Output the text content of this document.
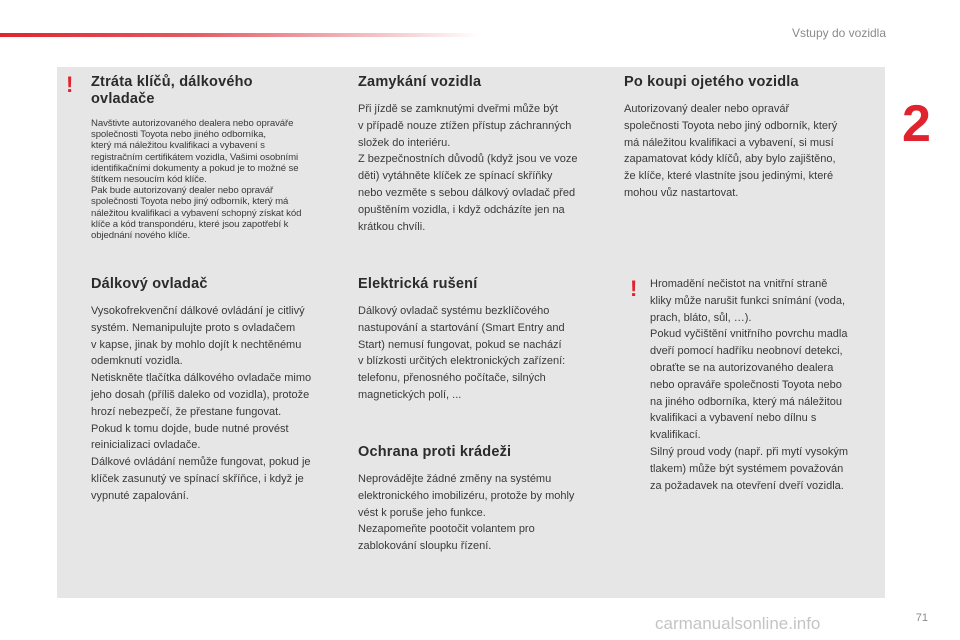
Vstupy do vozidla
2
! Ztráta klíčů, dálkového
ovladače

Navštivte autorizovaného dealera nebo opraváře
společnosti Toyota nebo jiného odborníka,
který má náležitou kvalifikaci a vybavení s
registračním certifikátem vozidla, Vašimi osobními
identifikačními dokumenty a pokud je to možné se
štítkem nesoucím kód klíče.
Pak bude autorizovaný dealer nebo opravář
společnosti Toyota nebo jiný odborník, který má
náležitou kvalifikaci a vybavení schopný získat kód
klíče a kód transpondéru, které jsou zapotřebí k
objednání nového klíče.

Dálkový ovladač

Vysokofrekvenční dálkové ovládání je citlivý
systém. Nemanipulujte proto s ovladačem
v kapse, jinak by mohlo dojít k nechtěnému
odemknutí vozidla.
Netiskněte tlačítka dálkového ovladače mimo
jeho dosah (příliš daleko od vozidla), protože
hrozí nebezpečí, že přestane fungovat.
Pokud k tomu dojde, bude nutné provést
reinicializaci ovladače.
Dálkové ovládání nemůže fungovat, pokud je
klíček zasunutý ve spínací skříňce, i když je
vypnuté zapalování.

Zamykání vozidla

Při jízdě se zamknutými dveřmi může být
v případě nouze ztížen přístup záchranných
složek do interiéru.
Z bezpečnostních důvodů (když jsou ve voze
děti) vytáhněte klíček ze spínací skříňky
nebo vezměte s sebou dálkový ovladač před
opuštěním vozidla, i když odcházíte jen na
krátkou chvíli.

Elektrická rušení

Dálkový ovladač systému bezklíčového
nastupování a startování (Smart Entry and
Start) nemusí fungovat, pokud se nachází
v blízkosti určitých elektronických zařízení:
telefonu, přenosného počítače, silných
magnetických polí, ...

Ochrana proti krádeži

Neprovádějte žádné změny na systému
elektronického imobilizéru, protože by mohly
vést k poruše jeho funkce.
Nezapomeňte pootočit volantem pro
zablokování sloupku řízení.

Po koupi ojetého vozidla

Autorizovaný dealer nebo opravář
společnosti Toyota nebo jiný odborník, který
má náležitou kvalifikaci a vybavení, si musí
zapamatovat kódy klíčů, aby bylo zajištěno,
že klíče, které vlastníte jsou jedinými, které
mohou vůz nastartovat.

! Hromadění nečistot na vnitřní straně
kliky může narušit funkci snímání (voda,
prach, bláto, sůl, …).
Pokud vyčištění vnitřního povrchu madla
dveří pomocí hadříku neobnoví detekci,
obraťte se na autorizovaného dealera
nebo opraváře společnosti Toyota nebo
na jiného odborníka, který má náležitou
kvalifikaci a vybavení nebo dílnu s
kvalifikací.
Silný proud vody (např. při mytí vysokým
tlakem) může být systémem považován
za požadavek na otevření dveří vozidla.

carmanualsonline.info	71
